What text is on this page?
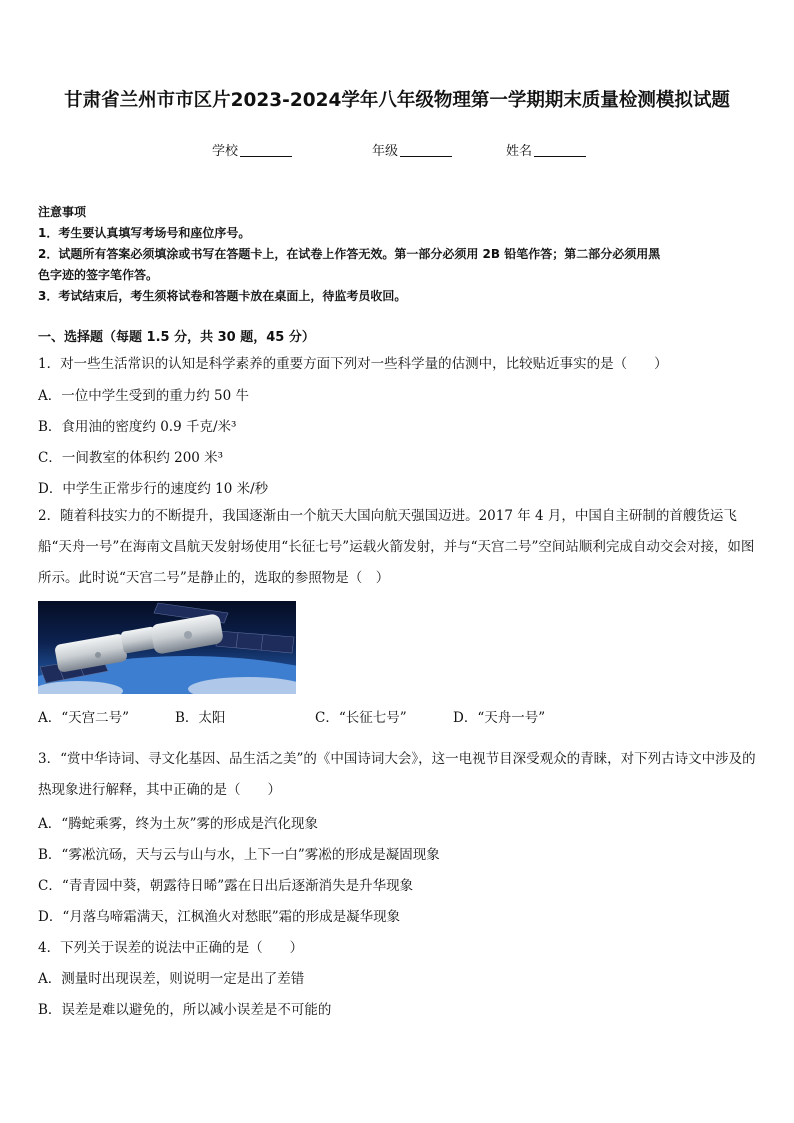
甘肃省兰州市市区片2023-2024学年八年级物理第一学期期末质量检测模拟试题
学校	年级	姓名
注意事项
1．考生要认真填写考场号和座位序号。
2．试题所有答案必须填涂或书写在答题卡上，在试卷上作答无效。第一部分必须用 2B 铅笔作答；第二部分必须用黑
色字迹的签字笔作答。
3．考试结束后，考生须将试卷和答题卡放在桌面上，待监考员收回。
一、选择题（每题 1.5 分，共 30 题，45 分）
1．对一些生活常识的认知是科学素养的重要方面下列对一些科学量的估测中，比较贴近事实的是（　　）
A．一位中学生受到的重力约 50 牛
B．食用油的密度约 0.9 千克/米³
C．一间教室的体积约 200 米³
D．中学生正常步行的速度约 10 米/秒
2．随着科技实力的不断提升，我国逐渐由一个航天大国向航天强国迈进。2017 年 4 月，中国自主研制的首艘货运飞船“天舟一号”在海南文昌航天发射场使用“长征七号”运载火箭发射，并与“天宫二号”空间站顺利完成自动交会对接，如图所示。此时说“天宫二号”是静止的，选取的参照物是（　）
A．“天宫二号”	B．太阳	C．“长征七号”	D．“天舟一号”
3．“赏中华诗词、寻文化基因、品生活之美”的《中国诗词大会》，这一电视节目深受观众的青睐，对下列古诗文中涉及的热现象进行解释，其中正确的是（　　）
A．“腾蛇乘雾，终为土灰”雾的形成是汽化现象
B．“雾凇沆砀，天与云与山与水，上下一白”雾凇的形成是凝固现象
C．“青青园中葵，朝露待日晞”露在日出后逐渐消失是升华现象
D．“月落乌啼霜满天，江枫渔火对愁眠”霜的形成是凝华现象
4．下列关于误差的说法中正确的是（　　）
A．测量时出现误差，则说明一定是出了差错
B．误差是难以避免的，所以减小误差是不可能的
